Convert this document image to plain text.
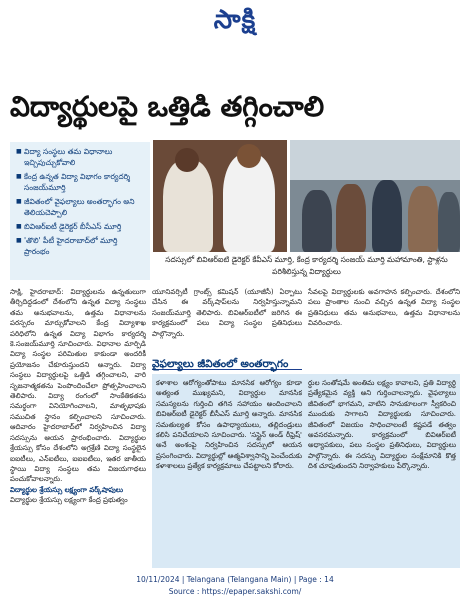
సాక్షి
విద్యార్థులపై ఒత్తిడి తగ్గించాలి
■ విద్యా సంస్థలు తమ విధానాలు ఇచ్చిపుచ్చుకోవాలి
■ కేంద్ర ఉన్నత విద్యా విభాగం కార్యదర్శి సంజయ్‌మూర్తి
■ జీవితంలో వైఫల్యాలు అంతర్భాగం అని తెలియచెప్పాలి
■ బివిఆర్‌ఐటీ డైరెక్టర్ బీసీఎస్ మూర్తి
■ 'తొలి' పీటీ హైదరాబాద్‌లో మూర్తి ప్రారంభం
సదస్సులో బివిఆర్‌ఐటి డైరెక్టర్ కేవీఎస్ మూర్తి, కేంద్ర కార్యదర్శి సంజయ్ మూర్తి మహామాంతి, స్టాళ్లను పరిశీలిస్తున్న విద్యార్థులు
సాక్షి, హైదరాబాద్: విద్యార్థులను ఉన్నతులుగా తీర్చిదిద్దడంలో దేశంలోని ఉన్నత విద్యా సంస్థలు తమ అనుభవాలను, ఉత్తమ విధానాలను పరస్పరం మార్చుకోవాలని కేంద్ర విద్యాశాఖ పరిధిలోని ఉన్నత విద్యా విభాగం కార్యదర్శి కె.సంజయ్‌మూర్తి సూచించారు. విధానాల మార్పిడి విద్యా సంస్థల పరిమితుల కాకుండా అందరికీ ప్రయోజనం చేకూరుస్తుందని అన్నారు. విద్యా సంస్థలు విద్యార్థులపై ఒత్తిడి తగ్గించాలని, వారి సృజనాత్మకతను పెంపొందించేలా ప్రోత్సహించాలని తెలిపారు. విద్యా రంగంలో సాంకేతికతను సమర్థంగా వినియోగించాలని, మాతృభాషకు సముచిత స్థానం కల్పించాలని సూచించారు. ఆదివారం హైదరాబాద్‌లో నిర్వహించిన విద్యా సదస్సును ఆయన ప్రారంభించారు. విద్యార్థుల శ్రేయస్సు కోసం దేశంలోని అగ్రశ్రేణి విద్యా సంస్థలైన ఐఐటీలు, ఎన్‌ఐటీలు, ఐఐఐటీలు, ఇతర జాతీయ స్థాయి విద్యా సంస్థలు తమ విజయగాథలు పంచుకోవాలన్నారు.
విద్యార్థుల శ్రేయస్సు లక్ష్యంగా వర్క్‌షాపులు
విద్యార్థుల శ్రేయస్సు లక్ష్యంగా కేంద్ర ప్రభుత్వం
యూనివర్సిటీ గ్రాంట్స్ కమిషన్ (యూజీసీ) ఏర్పాటు చేసిన ఈ వర్క్‌షాప్‌లను నిర్వహిస్తున్నామని సంజయ్‌మూర్తి తెలిపారు. బివిఆర్‌ఐటీలో జరిగిన ఈ కార్యక్రమంలో పలు విద్యా సంస్థల ప్రతినిధులు పాల్గొన్నారు.
సేవలపై విద్యార్థులకు అవగాహన కల్పించారు. దేశంలోని పలు ప్రాంతాల నుంచి వచ్చిన ఉన్నత విద్యా సంస్థల ప్రతినిధులు తమ అనుభవాలు, ఉత్తమ విధానాలను వివరించారు.
వైఫల్యాలు జీవితంలో అంతర్భాగం
కళాశాల ఆరోగ్యంతోపాటు మానసిక ఆరోగ్యం కూడా అత్యంత ముఖ్యమని, విద్యార్థుల మానసిక సమస్యలను గుర్తించి తగిన సహాయం అందించాలని బివిఆర్‌ఐటీ డైరెక్టర్ బీసీఎస్ మూర్తి అన్నారు. మానసిక సమతుల్యత కోసం ఉపాధ్యాయులు, తల్లిదండ్రులు కలిసి పనిచేయాలని సూచించారు. 'సస్టైన్ అండ్ రీఫ్రెష్' అనే అంశంపై నిర్వహించిన సదస్సులో ఆయన ప్రసంగించారు. విద్యార్థుల్లో ఆత్మవిశ్వాసాన్ని పెంచేందుకు కళాశాలలు ప్రత్యేక కార్యక్రమాలు చేపట్టాలని కోరారు.
ర్థుల సంతోషమే అంతిమ లక్ష్యం కావాలని, ప్రతి విద్యార్థి ప్రత్యేకమైన వ్యక్తి అని గుర్తించాలన్నారు. వైఫల్యాలు జీవితంలో భాగమని, వాటిని సానుకూలంగా స్వీకరించి ముందుకు సాగాలని విద్యార్థులకు సూచించారు. జీవితంలో విజయం సాధించాలంటే కష్టపడే తత్వం అవసరమన్నారు. కార్యక్రమంలో బివిఆర్‌ఐటీ అధ్యాపకులు, పలు సంస్థల ప్రతినిధులు, విద్యార్థులు పాల్గొన్నారు. ఈ సదస్సు విద్యార్థుల సంక్షేమానికి కొత్త దిశ చూపుతుందని నిర్వాహకులు పేర్కొన్నారు.
10/11/2024 | Telangana (Telangana Main) | Page : 14
Source : https://epaper.sakshi.com/
